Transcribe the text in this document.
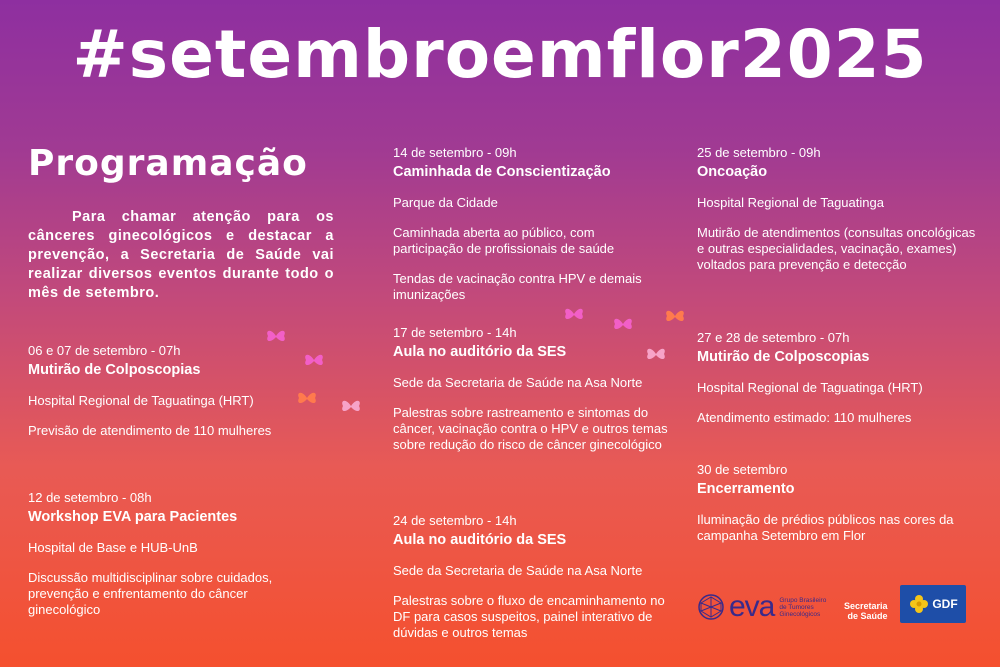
#setembroemflor2025
Programação
Para chamar atenção para os cânceres ginecológicos e destacar a prevenção, a Secretaria de Saúde vai realizar diversos eventos durante todo o mês de setembro.
06 e 07 de setembro - 07h
Mutirão de Colposcopias
Hospital Regional de Taguatinga (HRT)

Previsão de atendimento de 110 mulheres

12 de setembro - 08h
Workshop EVA para Pacientes
Hospital de Base e HUB-UnB

Discussão multidisciplinar sobre cuidados, prevenção e enfrentamento do câncer ginecológico

14 de setembro - 09h
Caminhada de Conscientização
Parque da Cidade

Caminhada aberta ao público, com participação de profissionais de saúde

Tendas de vacinação contra HPV e demais imunizações

17 de setembro - 14h
Aula no auditório da SES
Sede da Secretaria de Saúde na Asa Norte

Palestras sobre rastreamento e sintomas do câncer, vacinação contra o HPV e outros temas sobre redução do risco de câncer ginecológico

24 de setembro - 14h
Aula no auditório da SES
Sede da Secretaria de Saúde na Asa Norte

Palestras sobre o fluxo de encaminhamento no DF para casos suspeitos, painel interativo de dúvidas e outros temas

25 de setembro - 09h
Oncoação
Hospital Regional de Taguatinga

Mutirão de atendimentos (consultas oncológicas e outras especialidades, vacinação, exames) voltados para prevenção e detecção

27 e 28 de setembro - 07h
Mutirão de Colposcopias
Hospital Regional de Taguatinga (HRT)

Atendimento estimado: 110 mulheres

30 de setembro
Encerramento

Iluminação de prédios públicos nas cores da campanha Setembro em Flor

eva Grupo Brasileiro de Tumores Ginecológicos
Secretaria
de Saúde
GDF
